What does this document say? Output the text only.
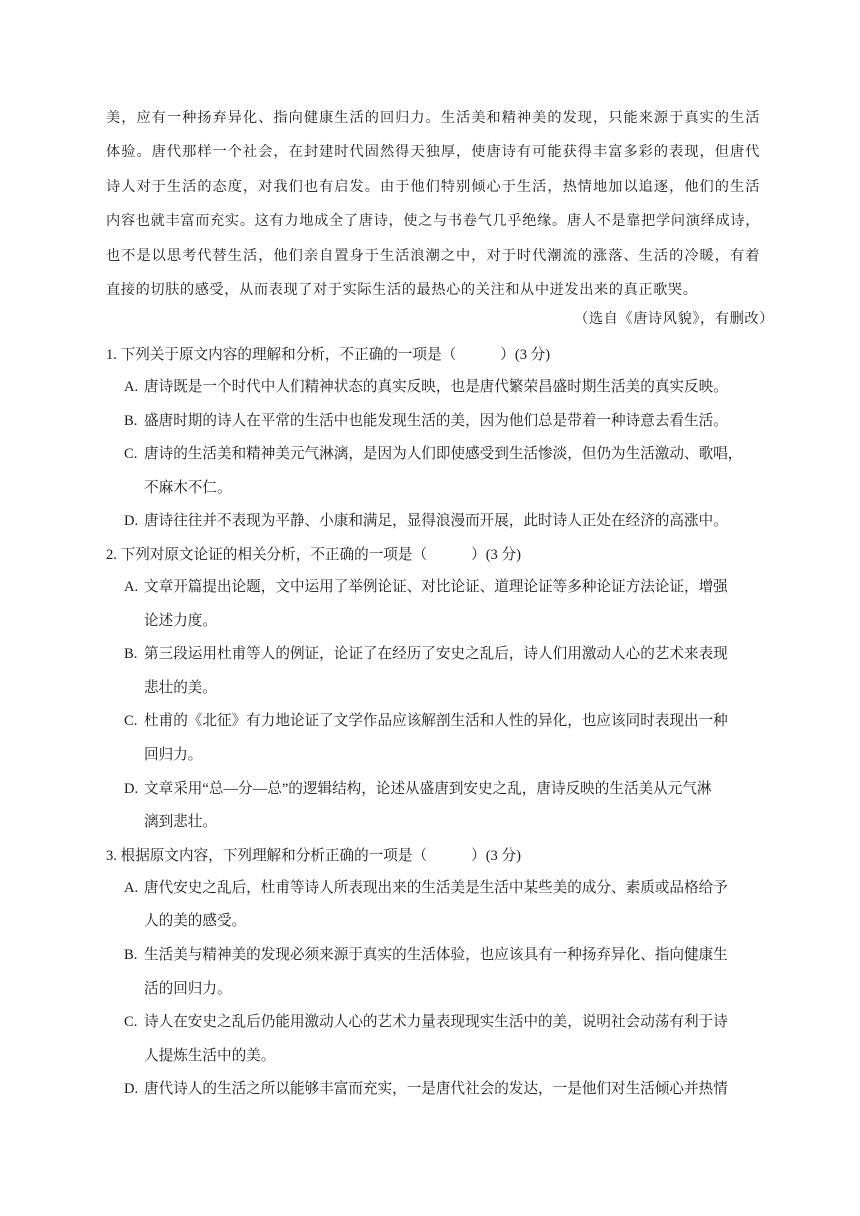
美，应有一种扬弃异化、指向健康生活的回归力。生活美和精神美的发现，只能来源于真实的生活
体验。唐代那样一个社会，在封建时代固然得天独厚，使唐诗有可能获得丰富多彩的表现，但唐代
诗人对于生活的态度，对我们也有启发。由于他们特别倾心于生活，热情地加以追逐，他们的生活
内容也就丰富而充实。这有力地成全了唐诗，使之与书卷气几乎绝缘。唐人不是靠把学问演绎成诗，
也不是以思考代替生活，他们亲自置身于生活浪潮之中，对于时代潮流的涨落、生活的冷暖，有着
直接的切肤的感受，从而表现了对于实际生活的最热心的关注和从中迸发出来的真正歌哭。
（选自《唐诗风貌》，有删改）
1. 下列关于原文内容的理解和分析，不正确的一项是（	）(3 分)
A. 唐诗既是一个时代中人们精神状态的真实反映，也是唐代繁荣昌盛时期生活美的真实反映。
B. 盛唐时期的诗人在平常的生活中也能发现生活的美，因为他们总是带着一种诗意去看生活。
C. 唐诗的生活美和精神美元气淋漓，是因为人们即使感受到生活惨淡，但仍为生活激动、歌唱，
不麻木不仁。
D. 唐诗往往并不表现为平静、小康和满足，显得浪漫而开展，此时诗人正处在经济的高涨中。
2. 下列对原文论证的相关分析，不正确的一项是（	）(3 分)
A. 文章开篇提出论题，文中运用了举例论证、对比论证、道理论证等多种论证方法论证，增强
论述力度。
B. 第三段运用杜甫等人的例证，论证了在经历了安史之乱后，诗人们用激动人心的艺术来表现
悲壮的美。
C. 杜甫的《北征》有力地论证了文学作品应该解剖生活和人性的异化，也应该同时表现出一种
回归力。
D. 文章采用“总—分—总”的逻辑结构，论述从盛唐到安史之乱，唐诗反映的生活美从元气淋
漓到悲壮。
3. 根据原文内容，下列理解和分析正确的一项是（	）(3 分)
A. 唐代安史之乱后，杜甫等诗人所表现出来的生活美是生活中某些美的成分、素质或品格给予
人的美的感受。
B. 生活美与精神美的发现必须来源于真实的生活体验，也应该具有一种扬弃异化、指向健康生
活的回归力。
C. 诗人在安史之乱后仍能用激动人心的艺术力量表现现实生活中的美，说明社会动荡有利于诗
人提炼生活中的美。
D. 唐代诗人的生活之所以能够丰富而充实，一是唐代社会的发达，一是他们对生活倾心并热情
